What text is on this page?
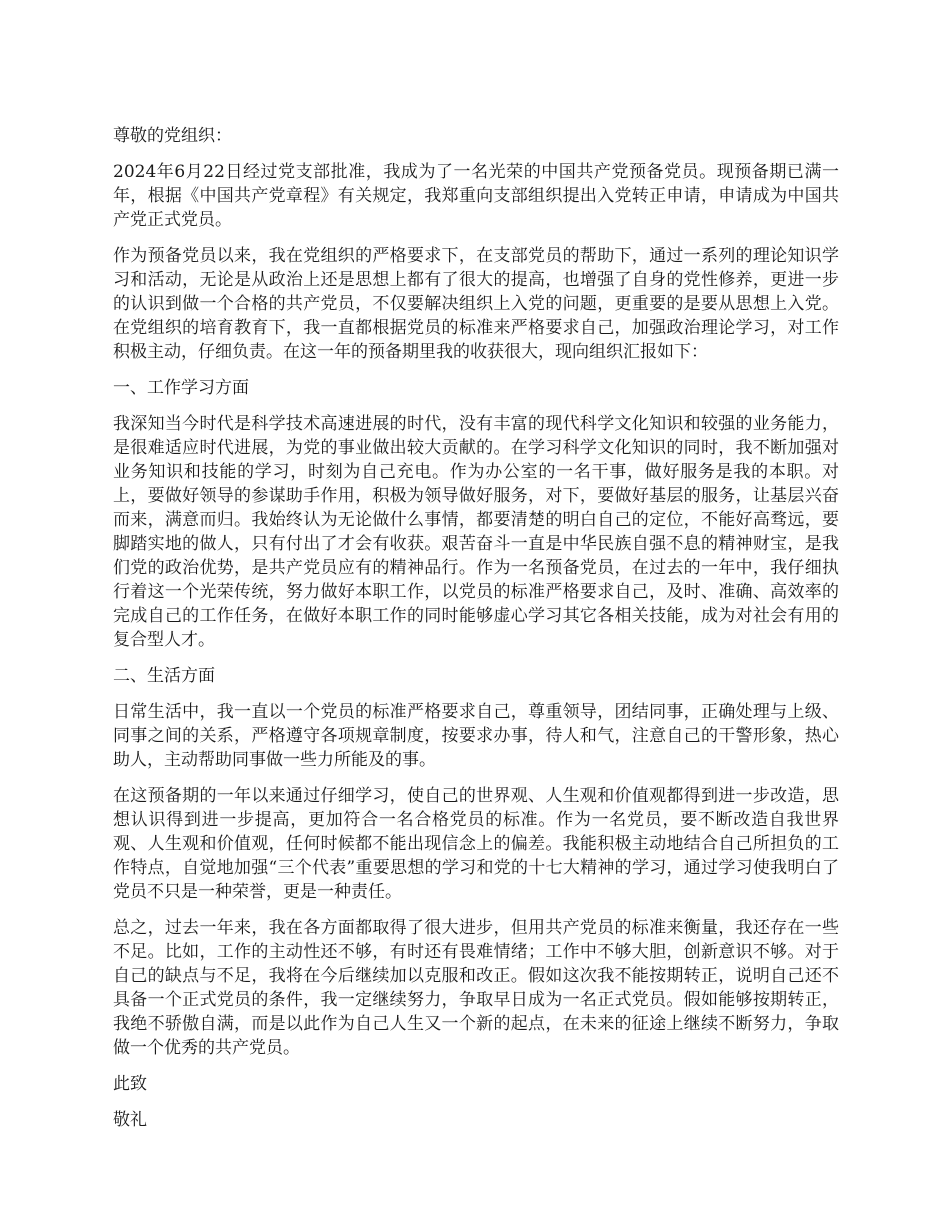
尊敬的党组织：

2024年6月22日经过党支部批准，我成为了一名光荣的中国共产党预备党员。现预备期已满一年，根据《中国共产党章程》有关规定，我郑重向支部组织提出入党转正申请，申请成为中国共产党正式党员。

作为预备党员以来，我在党组织的严格要求下，在支部党员的帮助下，通过一系列的理论知识学习和活动，无论是从政治上还是思想上都有了很大的提高，也增强了自身的党性修养，更进一步的认识到做一个合格的共产党员，不仅要解决组织上入党的问题，更重要的是要从思想上入党。在党组织的培育教育下，我一直都根据党员的标准来严格要求自己，加强政治理论学习，对工作积极主动，仔细负责。在这一年的预备期里我的收获很大，现向组织汇报如下：

一、工作学习方面

我深知当今时代是科学技术高速进展的时代，没有丰富的现代科学文化知识和较强的业务能力，是很难适应时代进展，为党的事业做出较大贡献的。在学习科学文化知识的同时，我不断加强对业务知识和技能的学习，时刻为自己充电。作为办公室的一名干事，做好服务是我的本职。对上，要做好领导的参谋助手作用，积极为领导做好服务，对下，要做好基层的服务，让基层兴奋而来，满意而归。我始终认为无论做什么事情，都要清楚的明白自己的定位，不能好高骛远，要脚踏实地的做人，只有付出了才会有收获。艰苦奋斗一直是中华民族自强不息的精神财宝，是我们党的政治优势，是共产党员应有的精神品行。作为一名预备党员，在过去的一年中，我仔细执行着这一个光荣传统，努力做好本职工作，以党员的标准严格要求自己，及时、准确、高效率的完成自己的工作任务，在做好本职工作的同时能够虚心学习其它各相关技能，成为对社会有用的复合型人才。

二、生活方面

日常生活中，我一直以一个党员的标准严格要求自己，尊重领导，团结同事，正确处理与上级、同事之间的关系，严格遵守各项规章制度，按要求办事，待人和气，注意自己的干警形象，热心助人，主动帮助同事做一些力所能及的事。

在这预备期的一年以来通过仔细学习，使自己的世界观、人生观和价值观都得到进一步改造，思想认识得到进一步提高，更加符合一名合格党员的标准。作为一名党员，要不断改造自我世界观、人生观和价值观，任何时候都不能出现信念上的偏差。我能积极主动地结合自己所担负的工作特点，自觉地加强“三个代表”重要思想的学习和党的十七大精神的学习，通过学习使我明白了党员不只是一种荣誉，更是一种责任。

总之，过去一年来，我在各方面都取得了很大进步，但用共产党员的标准来衡量，我还存在一些不足。比如，工作的主动性还不够，有时还有畏难情绪；工作中不够大胆，创新意识不够。对于自己的缺点与不足，我将在今后继续加以克服和改正。假如这次我不能按期转正，说明自己还不具备一个正式党员的条件，我一定继续努力，争取早日成为一名正式党员。假如能够按期转正，我绝不骄傲自满，而是以此作为自己人生又一个新的起点，在未来的征途上继续不断努力，争取做一个优秀的共产党员。

此致

敬礼
